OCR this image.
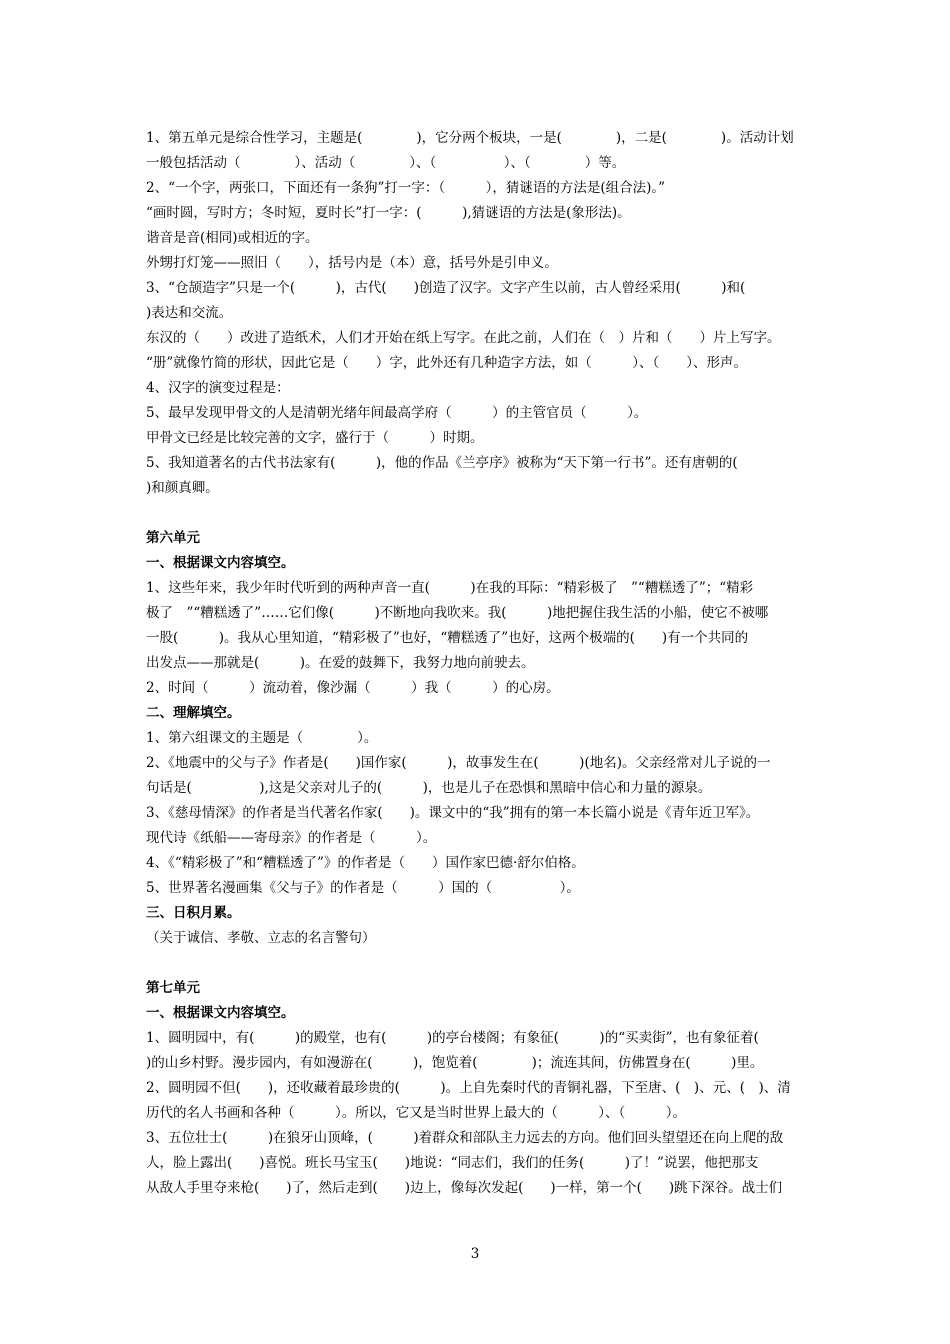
1、第五单元是综合性学习，主题是(　　　　)，它分两个板块，一是(　　　　)，二是(　　　　)。活动计划

一般包括活动（　　　　）、活动（　　　　）、（　　　　　）、（　　　　）等。

2、“一个字，两张口，下面还有一条狗”打一字：（　　　），猜谜语的方法是(组合法)。”

“画时圆，写时方；冬时短，夏时长”打一字：(　　　),猜谜语的方法是(象形法)。

谐音是音(相同)或相近的字。

外甥打灯笼——照旧（　　），括号内是（本）意，括号外是引申义。

3、“仓颉造字”只是一个(　　　)，古代(　　)创造了汉字。文字产生以前，古人曾经采用(　　　)和(

)表达和交流。

东汉的（　　）改进了造纸术，人们才开始在纸上写字。在此之前，人们在（　）片和（　　）片上写字。

“册”就像竹简的形状，因此它是（　　）字，此外还有几种造字方法，如（　　　）、（　　）、形声。

4、汉字的演变过程是：

5、最早发现甲骨文的人是清朝光绪年间最高学府（　　　）的主管官员（　　　）。

甲骨文已经是比较完善的文字，盛行于（　　　）时期。

5、我知道著名的古代书法家有(　　　)，他的作品《兰亭序》被称为“天下第一行书”。还有唐朝的(

)和颜真卿。

第六单元

一、根据课文内容填空。

1、这些年来，我少年时代听到的两种声音一直(　　　)在我的耳际：“精彩极了　”“糟糕透了”；“精彩

极了　”“糟糕透了”……它们像(　　　)不断地向我吹来。我(　　　)地把握住我生活的小船，使它不被哪

一股(　　　)。我从心里知道，“精彩极了”也好，“糟糕透了”也好，这两个极端的(　　)有一个共同的

出发点——那就是(　　　)。在爱的鼓舞下，我努力地向前驶去。

2、时间（　　　）流动着，像沙漏（　　　）我（　　　）的心房。

二、理解填空。

1、第六组课文的主题是（　　　　）。

2、《地震中的父与子》作者是(　　)国作家(　　　)，故事发生在(　　　)(地名)。父亲经常对儿子说的一

句话是(　　　　　),这是父亲对儿子的(　　　)，也是儿子在恐惧和黑暗中信心和力量的源泉。

3、《慈母情深》的作者是当代著名作家(　　)。课文中的“我”拥有的第一本长篇小说是《青年近卫军》。

现代诗《纸船——寄母亲》的作者是（　　　）。

4、《“精彩极了”和“糟糕透了”》的作者是（　　）国作家巴德·舒尔伯格。

5、世界著名漫画集《父与子》的作者是（　　　）国的（　　　　　）。

三、日积月累。

（关于诚信、孝敬、立志的名言警句）

第七单元

一、根据课文内容填空。

1、圆明园中，有(　　　)的殿堂，也有(　　　)的亭台楼阁；有象征(　　　)的“买卖街”，也有象征着(

)的山乡村野。漫步园内，有如漫游在(　　　)，饱览着(　　　　)；流连其间，仿佛置身在(　　　)里。

2、圆明园不但(　　)，还收藏着最珍贵的(　　　)。上自先秦时代的青铜礼器，下至唐、(　)、元、(　)、清

历代的名人书画和各种（　　　）。所以，它又是当时世界上最大的（　　　）、（　　　）。

3、五位壮士(　　　)在狼牙山顶峰，(　　　)着群众和部队主力远去的方向。他们回头望望还在向上爬的敌

人，脸上露出(　　)喜悦。班长马宝玉(　　)地说：“同志们，我们的任务(　　　)了！”说罢，他把那支

从敌人手里夺来枪(　　)了，然后走到(　　)边上，像每次发起(　　)一样，第一个(　　)跳下深谷。战士们

3
